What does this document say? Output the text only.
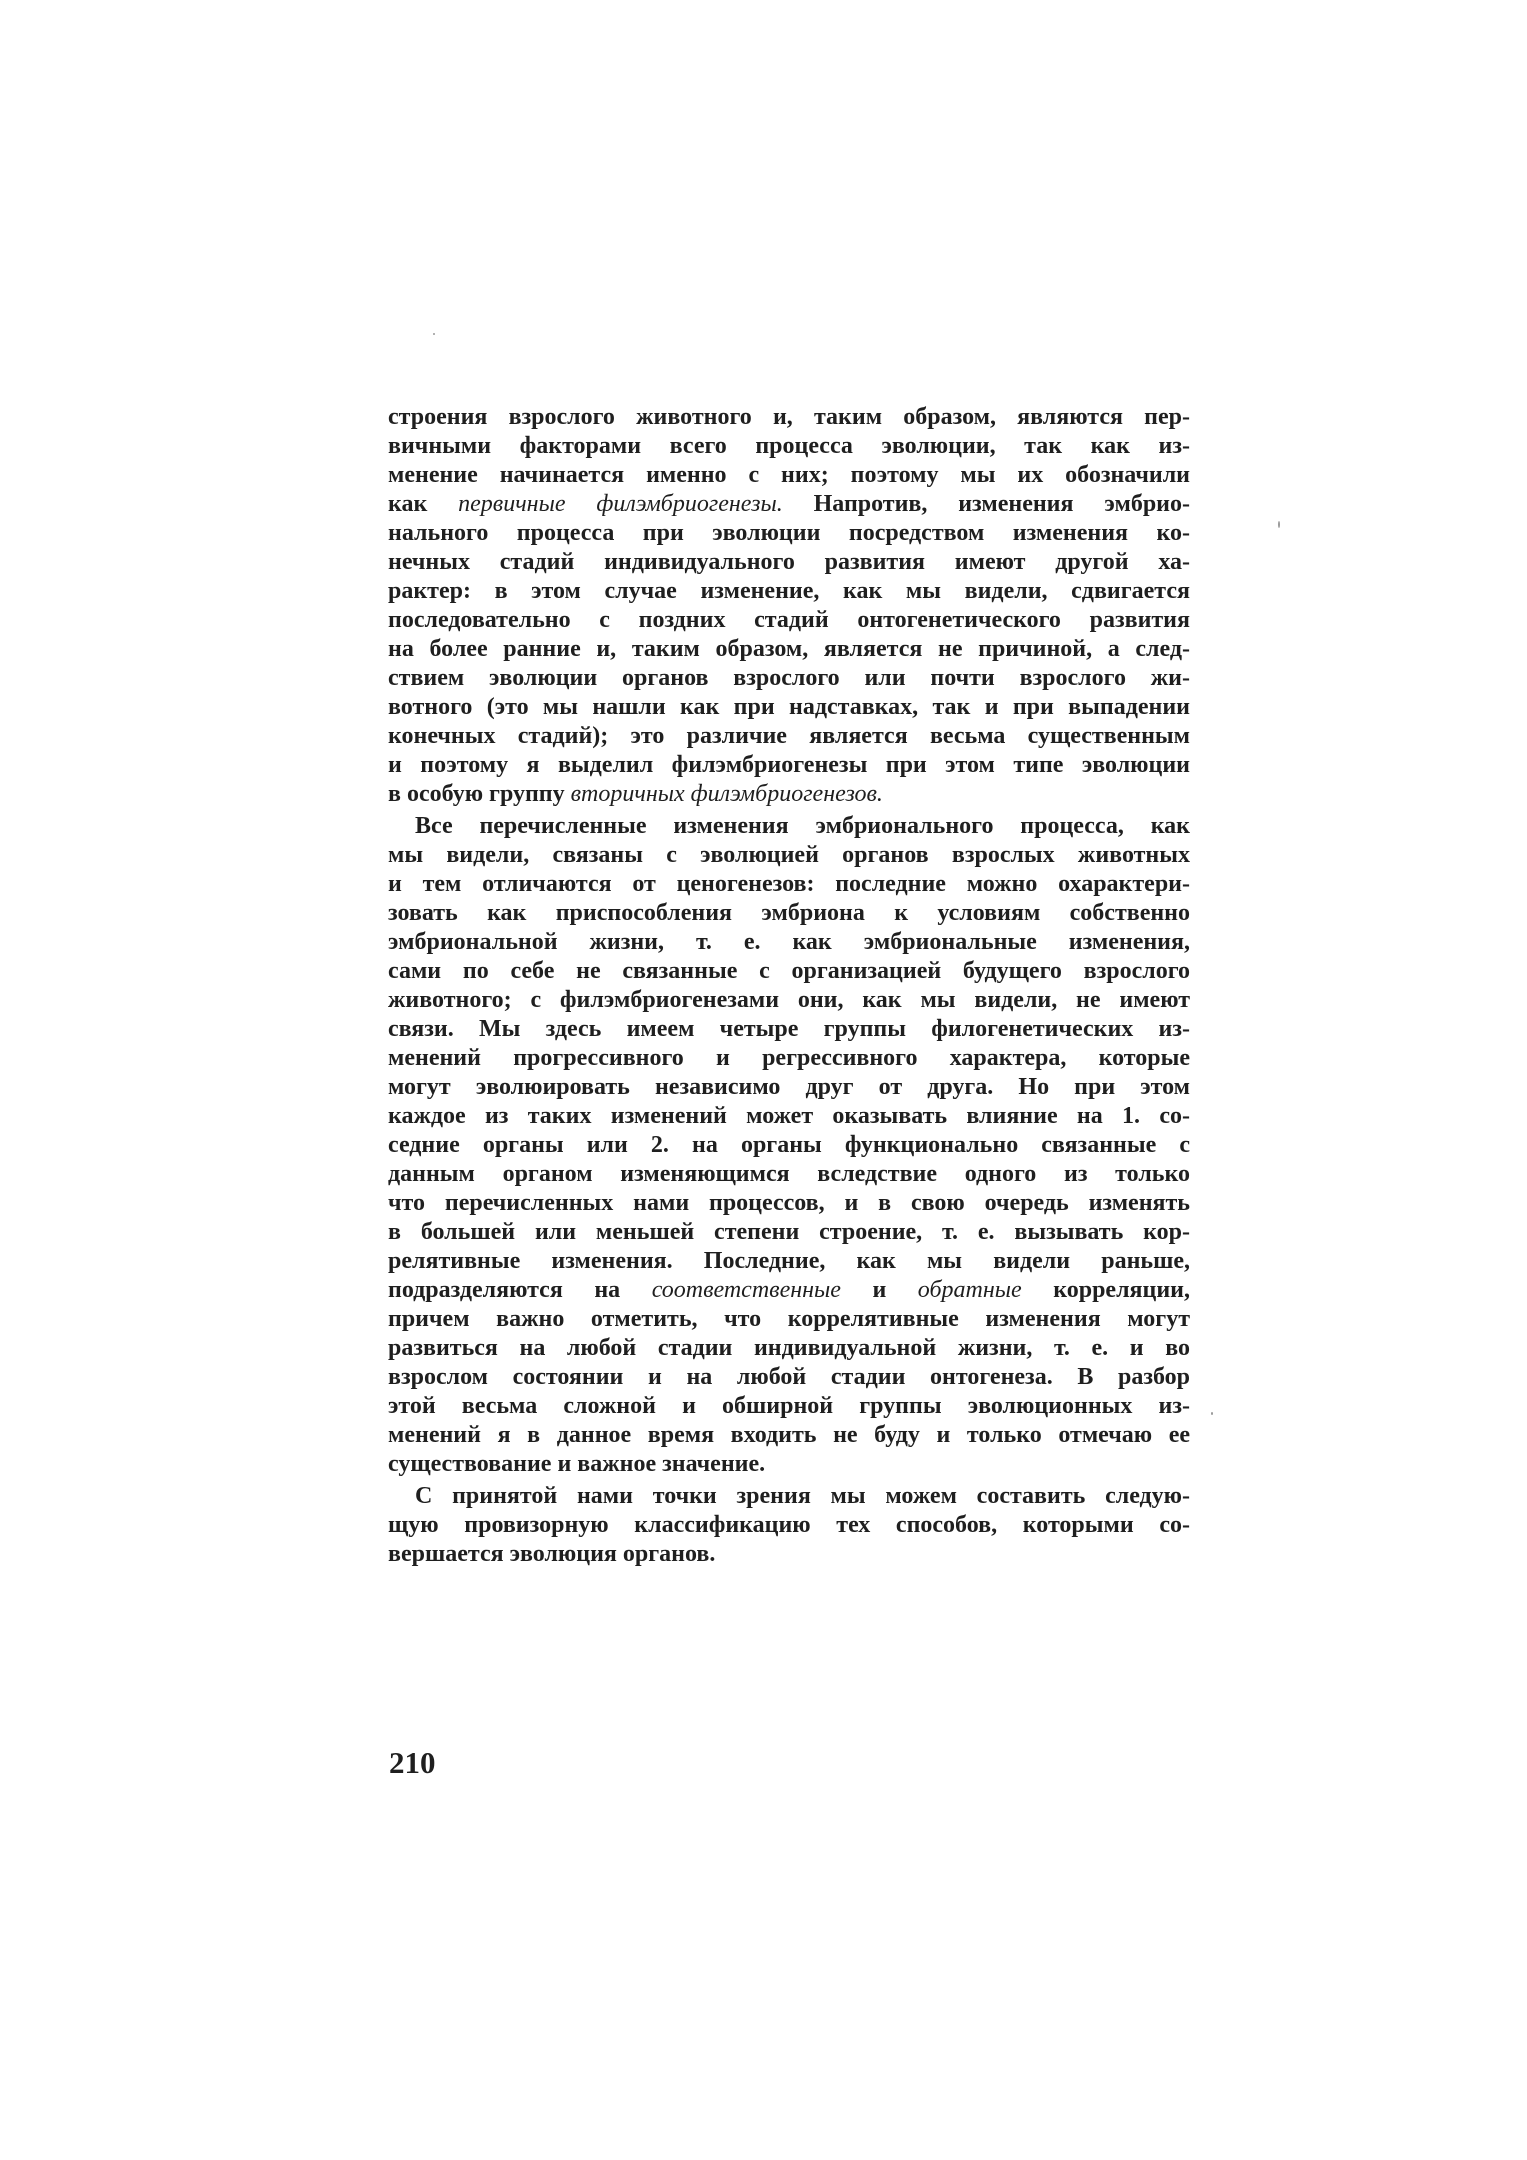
строения взрослого животного и, таким образом, являются пер-

вичными факторами всего процесса эволюции, так как из-

менение начинается именно с них; поэтому мы их обозначили

как первичные филэмбриогенезы. Напротив, изменения эмбрио-

нального процесса при эволюции посредством изменения ко-

нечных стадий индивидуального развития имеют другой ха-

рактер: в этом случае изменение, как мы видели, сдвигается

последовательно с поздних стадий онтогенетического развития

на более ранние и, таким образом, является не причиной, а след-

ствием эволюции органов взрослого или почти взрослого жи-

вотного (это мы нашли как при надставках, так и при выпадении

конечных стадий); это различие является весьма существенным

и поэтому я выделил филэмбриогенезы при этом типе эволюции

в особую группу вторичных филэмбриогенезов.

Все перечисленные изменения эмбрионального процесса, как

мы видели, связаны с эволюцией органов взрослых животных

и тем отличаются от ценогенезов: последние можно охарактери-

зовать как приспособления эмбриона к условиям собственно

эмбриональной жизни, т. е. как эмбриональные изменения,

сами по себе не связанные с организацией будущего взрослого

животного; с филэмбриогенезами они, как мы видели, не имеют

связи. Мы здесь имеем четыре группы филогенетических из-

менений прогрессивного и регрессивного характера, которые

могут эволюировать независимо друг от друга. Но при этом

каждое из таких изменений может оказывать влияние на 1. со-

седние органы или 2. на органы функционально связанные с

данным органом изменяющимся вследствие одного из только

что перечисленных нами процессов, и в свою очередь изменять

в большей или меньшей степени строение, т. е. вызывать кор-

релятивные изменения. Последние, как мы видели раньше,

подразделяются на соответственные и обратные корреляции,

причем важно отметить, что коррелятивные изменения могут

развиться на любой стадии индивидуальной жизни, т. е. и во

взрослом состоянии и на любой стадии онтогенеза. В разбор

этой весьма сложной и обширной группы эволюционных из-

менений я в данное время входить не буду и только отмечаю ее

существование и важное значение.

С принятой нами точки зрения мы можем составить следую-

щую провизорную классификацию тех способов, которыми со-

вершается эволюция органов.

210
